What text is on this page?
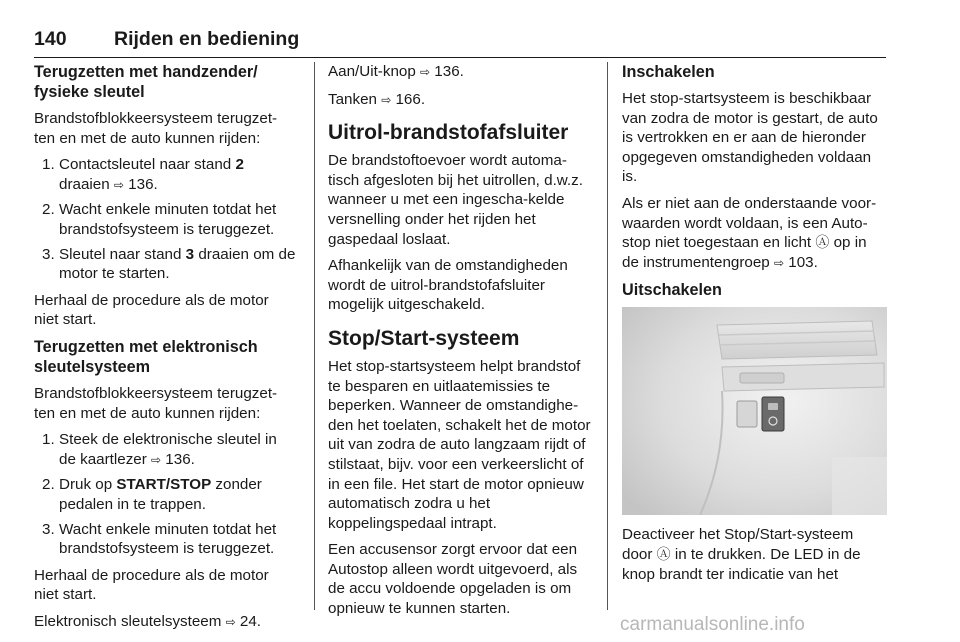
140 Rijden en bediening
Terugzetten met handzender/ fysieke sleutel
Brandstofblokkeersysteem terugzet-ten en met de auto kunnen rijden:
1. Contactsleutel naar stand 2 draaien ⇨ 136.
2. Wacht enkele minuten totdat het brandstofsysteem is teruggezet.
3. Sleutel naar stand 3 draaien om de motor te starten.
Herhaal de procedure als de motor niet start.
Terugzetten met elektronisch sleutelsysteem
Brandstofblokkeersysteem terugzet-ten en met de auto kunnen rijden:
1. Steek de elektronische sleutel in de kaartlezer ⇨ 136.
2. Druk op START/STOP zonder pedalen in te trappen.
3. Wacht enkele minuten totdat het brandstofsysteem is teruggezet.
Herhaal de procedure als de motor niet start.
Elektronisch sleutelsysteem ⇨ 24.
Aan/Uit-knop ⇨ 136.
Tanken ⇨ 166.
Uitrol-brandstofafsluiter
De brandstoftoevoer wordt automa-tisch afgesloten bij het uitrollen, d.w.z. wanneer u met een ingescha-kelde versnelling onder het rijden het gaspedaal loslaat.
Afhankelijk van de omstandigheden wordt de uitrol-brandstofafsluiter mogelijk uitgeschakeld.
Stop/Start-systeem
Het stop-startsysteem helpt brandstof te besparen en uitlaatemissies te beperken. Wanneer de omstandighe-den het toelaten, schakelt het de motor uit van zodra de auto langzaam rijdt of stilstaat, bijv. voor een verkeerslicht of in een file. Het start de motor opnieuw automatisch zodra u het koppelingspedaal intrapt.
Een accusensor zorgt ervoor dat een Autostop alleen wordt uitgevoerd, als de accu voldoende opgeladen is om opnieuw te kunnen starten.
Inschakelen
Het stop-startsysteem is beschikbaar van zodra de motor is gestart, de auto is vertrokken en er aan de hieronder opgegeven omstandigheden voldaan is.
Als er niet aan de onderstaande voor-waarden wordt voldaan, is een Auto-stop niet toegestaan en licht Ⓐ op in de instrumentengroep ⇨ 103.
Uitschakelen
Deactiveer het Stop/Start-systeem door Ⓐ in te drukken. De LED in de knop brandt ter indicatie van het
carmanualsonline.info
